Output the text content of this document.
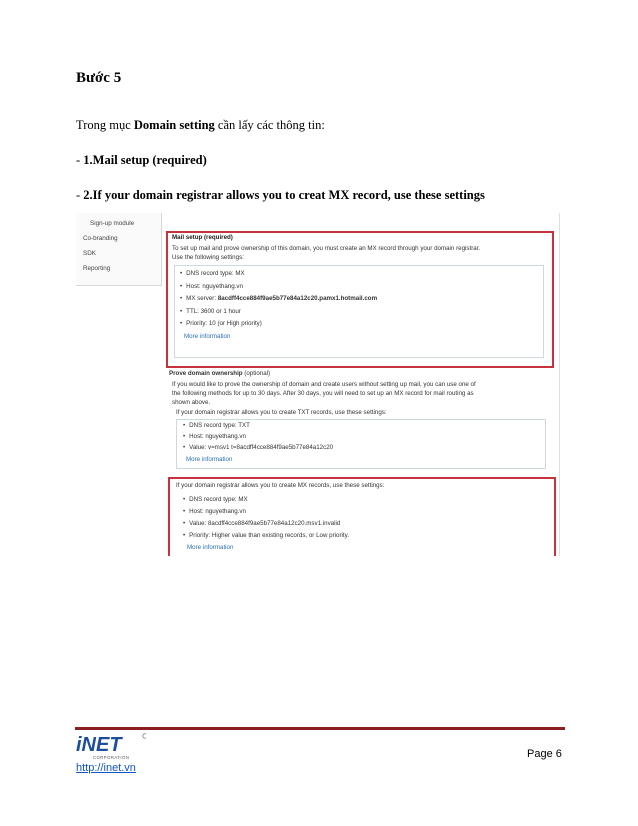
Bước 5
Trong mục Domain setting cần lấy các thông tin:
- 1.Mail setup (required)
- 2.If your domain registrar allows you to creat MX record, use these settings
Sign-up module
Co-branding
SDK
Reporting
Mail setup (required)
To set up mail and prove ownership of this domain, you must create an MX record through your domain registrar.
Use the following settings:
• DNS record type: MX
• Host: nguyethang.vn
• MX server: 8acdff4cce884f9ae5b77e84a12c20.pamx1.hotmail.com
• TTL: 3600 or 1 hour
• Priority: 10 (or High priority)
More information
Prove domain ownership (optional)
If you would like to prove the ownership of domain and create users without setting up mail, you can use one of
the following methods for up to 30 days. After 30 days, you will need to set up an MX record for mail routing as
shown above.
If your domain registrar allows you to create TXT records, use these settings:
• DNS record type: TXT
• Host: nguyethang.vn
• Value: v=msv1 t=8acdff4cce884f9ae5b77e84a12c20
More information
If your domain registrar allows you to create MX records, use these settings:
• DNS record type: MX
• Host: nguyethang.vn
• Value: 8acdff4cce884f9ae5b77e84a12c20.msv1.invalid
• Priority: Higher value than existing records, or Low priority.
More information
iNET
CORPORATION
http://inet.vn
Page 6
